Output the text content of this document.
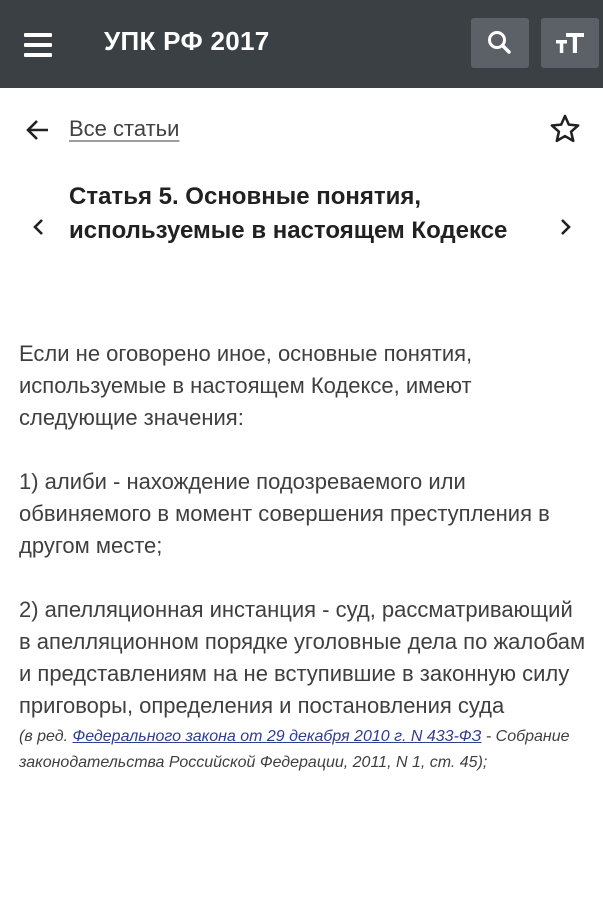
УПК РФ 2017
Все статьи
Статья 5. Основные понятия, используемые в настоящем Кодексе

Если не оговорено иное, основные понятия, используемые в настоящем Кодексе, имеют следующие значения:

1) алиби - нахождение подозреваемого или обвиняемого в момент совершения преступления в другом месте;

2) апелляционная инстанция - суд, рассматривающий в апелляционном порядке уголовные дела по жалобам и представлениям на не вступившие в законную силу приговоры, определения и постановления суда
(в ред. Федерального закона от 29 декабря 2010 г. N 433-ФЗ - Собрание законодательства Российской Федерации, 2011, N 1, ст. 45);
